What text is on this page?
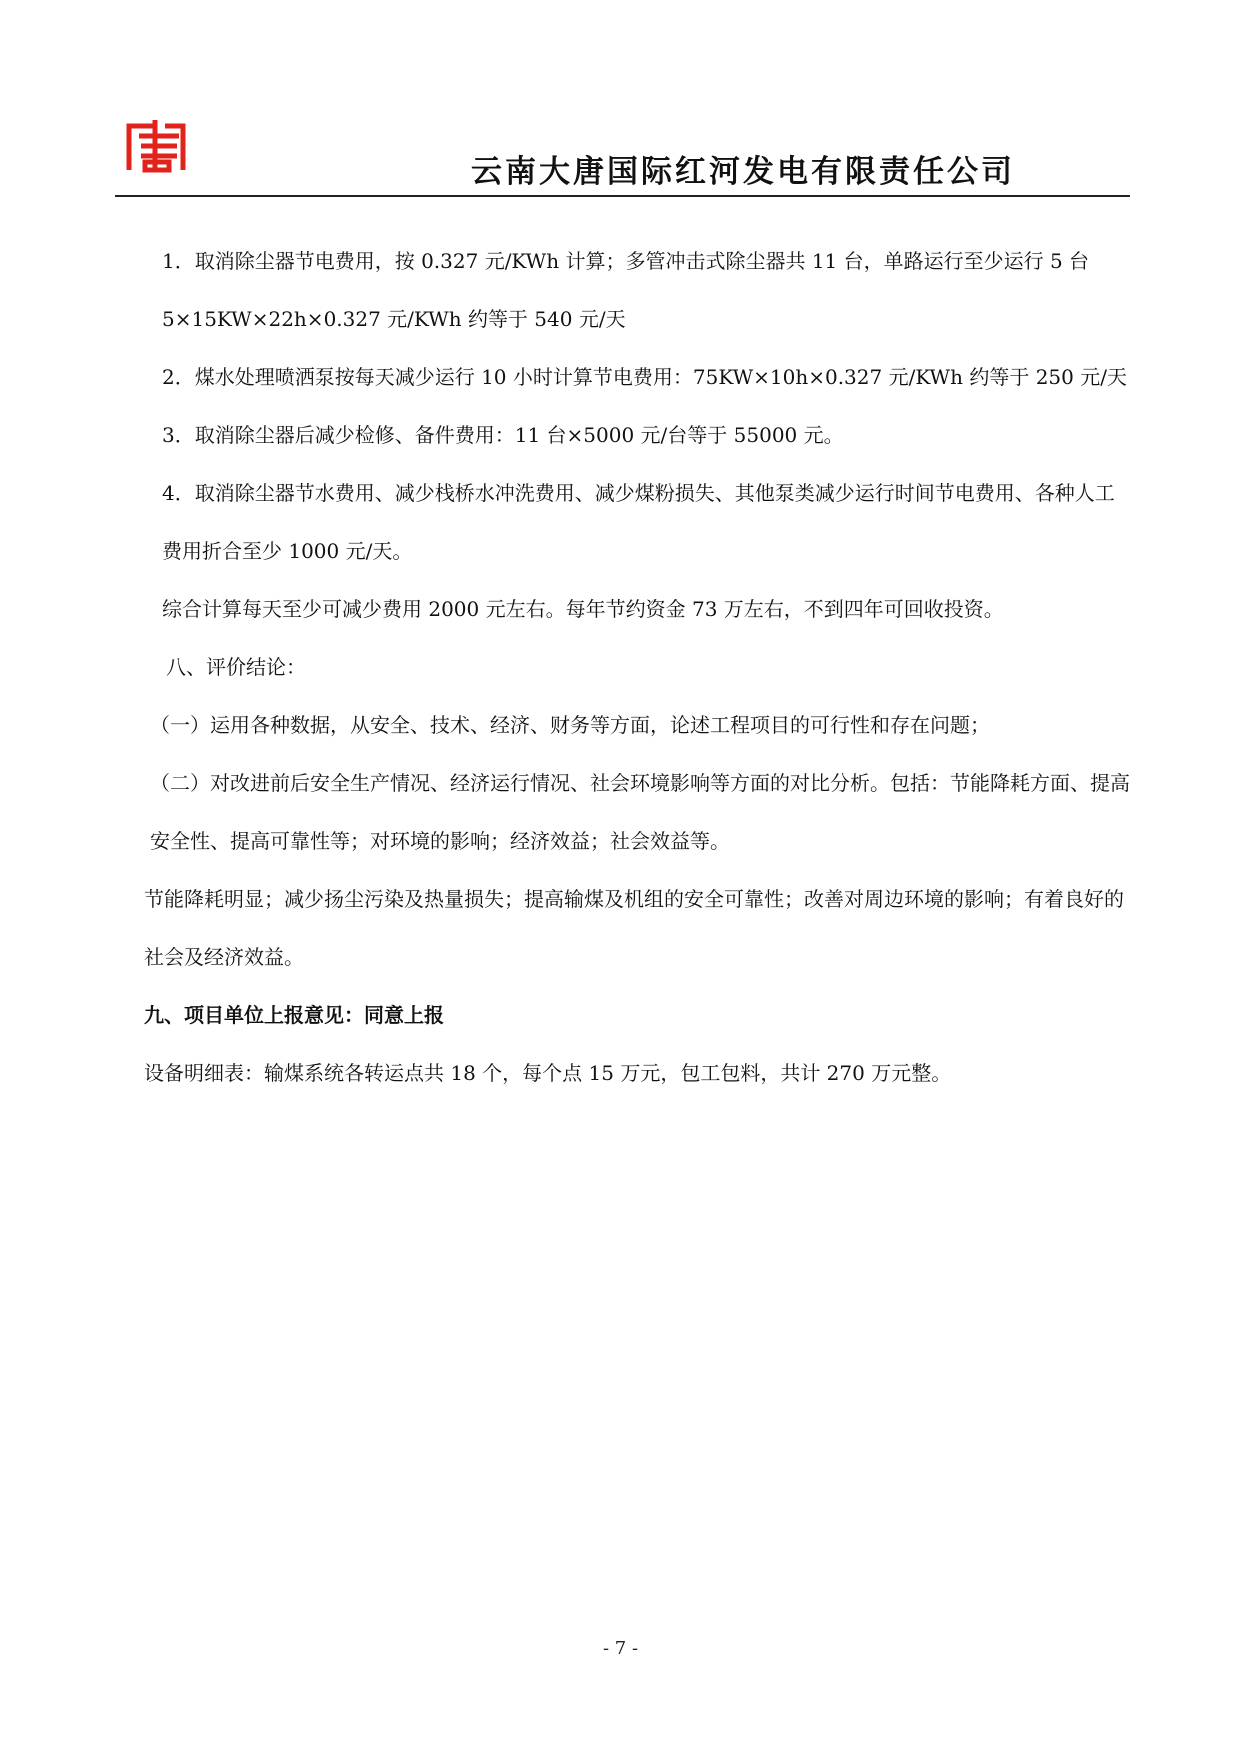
云南大唐国际红河发电有限责任公司

1．取消除尘器节电费用，按 0.327 元/KWh 计算；多管冲击式除尘器共 11 台，单路运行至少运行 5 台

5×15KW×22h×0.327 元/KWh 约等于 540 元/天

2．煤水处理喷洒泵按每天减少运行 10 小时计算节电费用：75KW×10h×0.327 元/KWh 约等于 250 元/天

3．取消除尘器后减少检修、备件费用：11 台×5000 元/台等于 55000 元。

4．取消除尘器节水费用、减少栈桥水冲洗费用、减少煤粉损失、其他泵类减少运行时间节电费用、各种人工费用折合至少 1000 元/天。

综合计算每天至少可减少费用 2000 元左右。每年节约资金 73 万左右，不到四年可回收投资。

八、评价结论：

（一）运用各种数据，从安全、技术、经济、财务等方面，论述工程项目的可行性和存在问题；

（二）对改进前后安全生产情况、经济运行情况、社会环境影响等方面的对比分析。包括：节能降耗方面、提高安全性、提高可靠性等；对环境的影响；经济效益；社会效益等。

节能降耗明显；减少扬尘污染及热量损失；提高输煤及机组的安全可靠性；改善对周边环境的影响；有着良好的社会及经济效益。

九、项目单位上报意见：同意上报

设备明细表：输煤系统各转运点共 18 个，每个点 15 万元，包工包料，共计 270 万元整。

- 7 -
